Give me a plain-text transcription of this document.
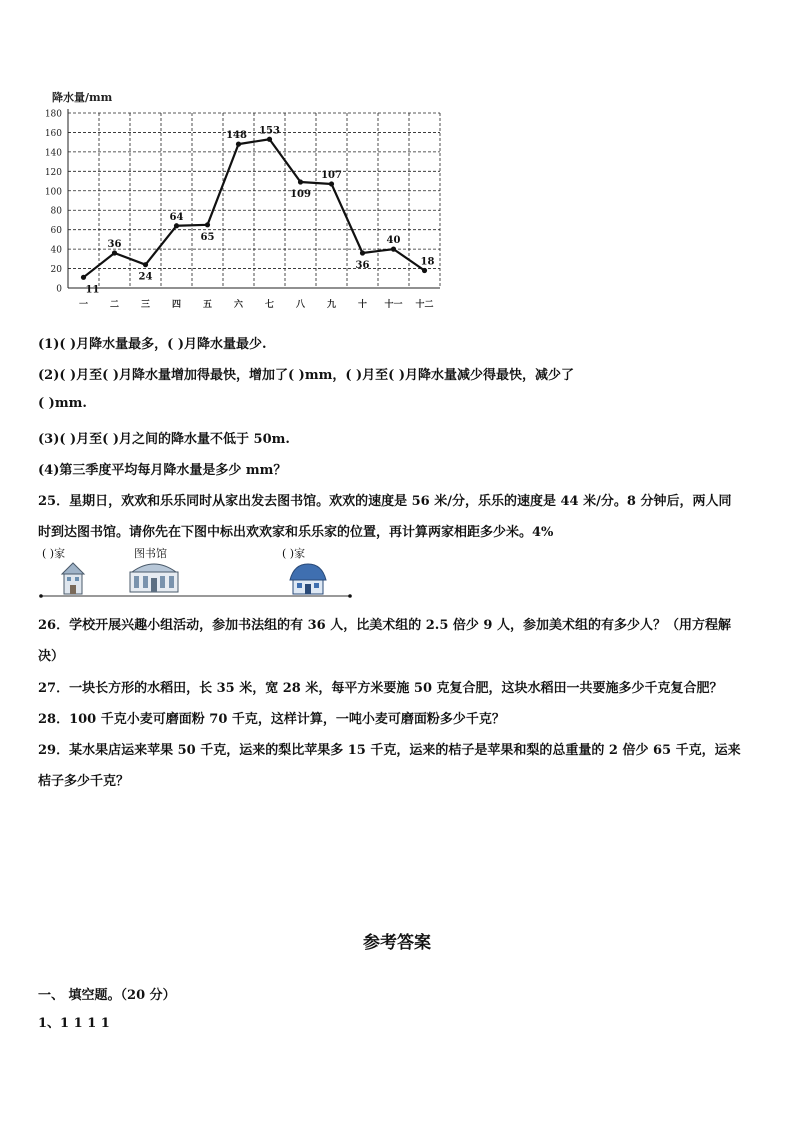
降水量/mm
0
20
40
60
80
100
120
140
160
180
一 二 三 四 五 六 七 八 九 十 十一 十二
11
36
24
64
65
148 153
109
107
36
40
18
(1)( )月降水量最多，( )月降水量最少.
(2)( )月至( )月降水量增加得最快，增加了( )mm，( )月至( )月降水量减少得最快，减少了
( )mm.
(3)( )月至( )月之间的降水量不低于 50m.
(4)第三季度平均每月降水量是多少 mm？
25．星期日，欢欢和乐乐同时从家出发去图书馆。欢欢的速度是 56 米/分，乐乐的速度是 44 米/分。8 分钟后，两人同
时到达图书馆。请你先在下图中标出欢欢家和乐乐家的位置，再计算两家相距多少米。4%
( )家	图书馆	( )家
26．学校开展兴趣小组活动，参加书法组的有 36 人，比美术组的 2.5 倍少 9 人，参加美术组的有多少人？（用方程解
决）
27．一块长方形的水稻田，长 35 米，宽 28 米，每平方米要施 50 克复合肥，这块水稻田一共要施多少千克复合肥？
28．100 千克小麦可磨面粉 70 千克，这样计算，一吨小麦可磨面粉多少千克？
29．某水果店运来苹果 50 千克，运来的梨比苹果多 15 千克，运来的桔子是苹果和梨的总重量的 2 倍少 65 千克，运来
桔子多少千克？
参考答案
一、 填空题。（20 分）
1、1 1 1 1
